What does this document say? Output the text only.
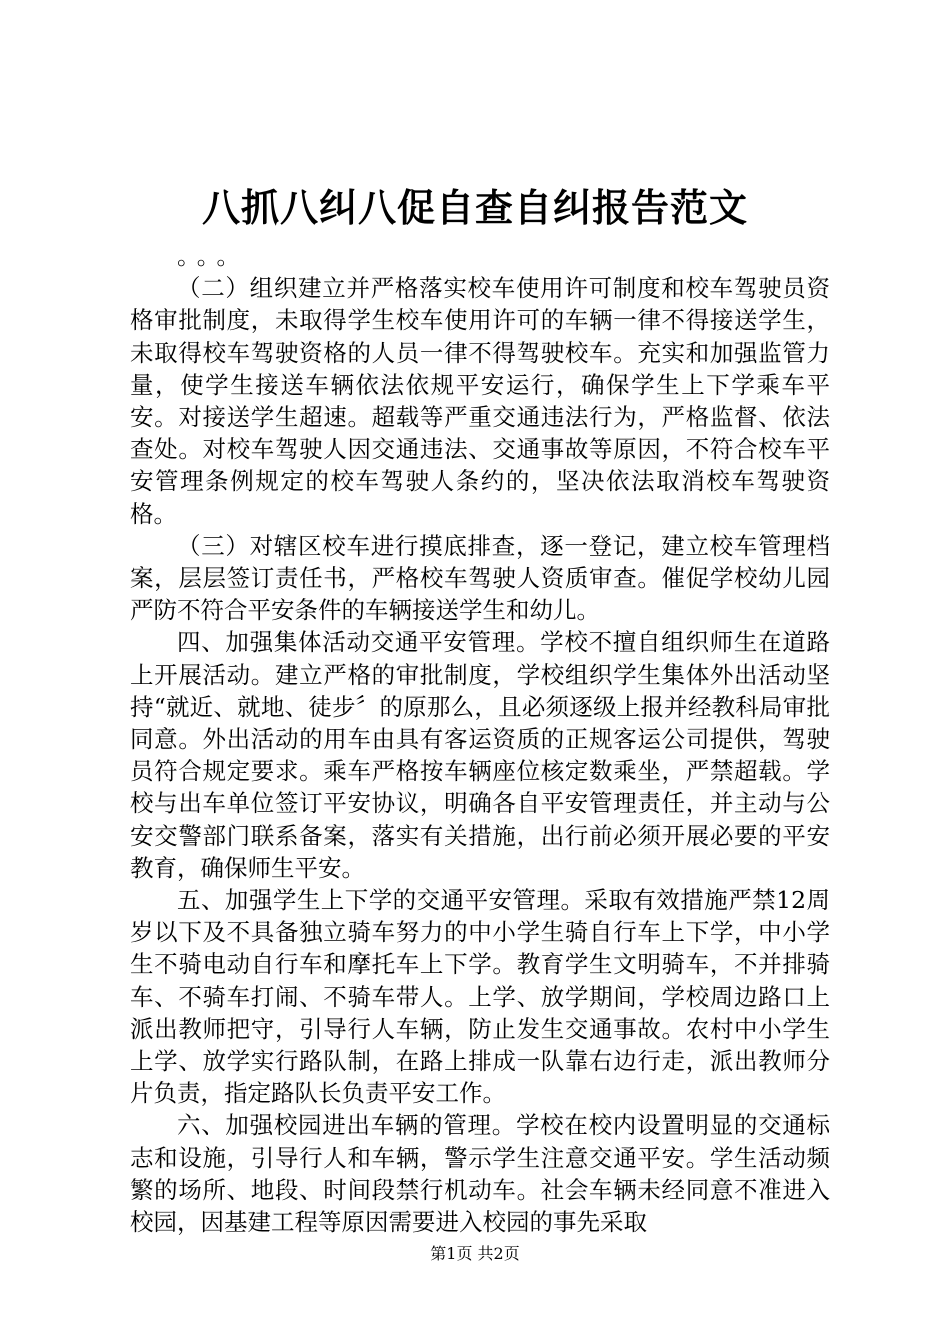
八抓八纠八促自查自纠报告范文

。。。

（二）组织建立并严格落实校车使用许可制度和校车驾驶员资格审批制度，未取得学生校车使用许可的车辆一律不得接送学生，未取得校车驾驶资格的人员一律不得驾驶校车。充实和加强监管力量，使学生接送车辆依法依规平安运行，确保学生上下学乘车平安。对接送学生超速。超载等严重交通违法行为，严格监督、依法查处。对校车驾驶人因交通违法、交通事故等原因，不符合校车平安管理条例规定的校车驾驶人条约的，坚决依法取消校车驾驶资格。

（三）对辖区校车进行摸底排查，逐一登记，建立校车管理档案，层层签订责任书，严格校车驾驶人资质审查。催促学校幼儿园严防不符合平安条件的车辆接送学生和幼儿。

四、加强集体活动交通平安管理。学校不擅自组织师生在道路上开展活动。建立严格的审批制度，学校组织学生集体外出活动坚持“就近、就地、徒步〞的原那么，且必须逐级上报并经教科局审批同意。外出活动的用车由具有客运资质的正规客运公司提供，驾驶员符合规定要求。乘车严格按车辆座位核定数乘坐，严禁超载。学校与出车单位签订平安协议，明确各自平安管理责任，并主动与公安交警部门联系备案，落实有关措施，出行前必须开展必要的平安教育，确保师生平安。

五、加强学生上下学的交通平安管理。采取有效措施严禁12周岁以下及不具备独立骑车努力的中小学生骑自行车上下学，中小学生不骑电动自行车和摩托车上下学。教育学生文明骑车，不并排骑车、不骑车打闹、不骑车带人。上学、放学期间，学校周边路口上派出教师把守，引导行人车辆，防止发生交通事故。农村中小学生上学、放学实行路队制，在路上排成一队靠右边行走，派出教师分片负责，指定路队长负责平安工作。

六、加强校园进出车辆的管理。学校在校内设置明显的交通标志和设施，引导行人和车辆，警示学生注意交通平安。学生活动频繁的场所、地段、时间段禁行机动车。社会车辆未经同意不准进入校园，因基建工程等原因需要进入校园的事先采取

第1页 共2页
